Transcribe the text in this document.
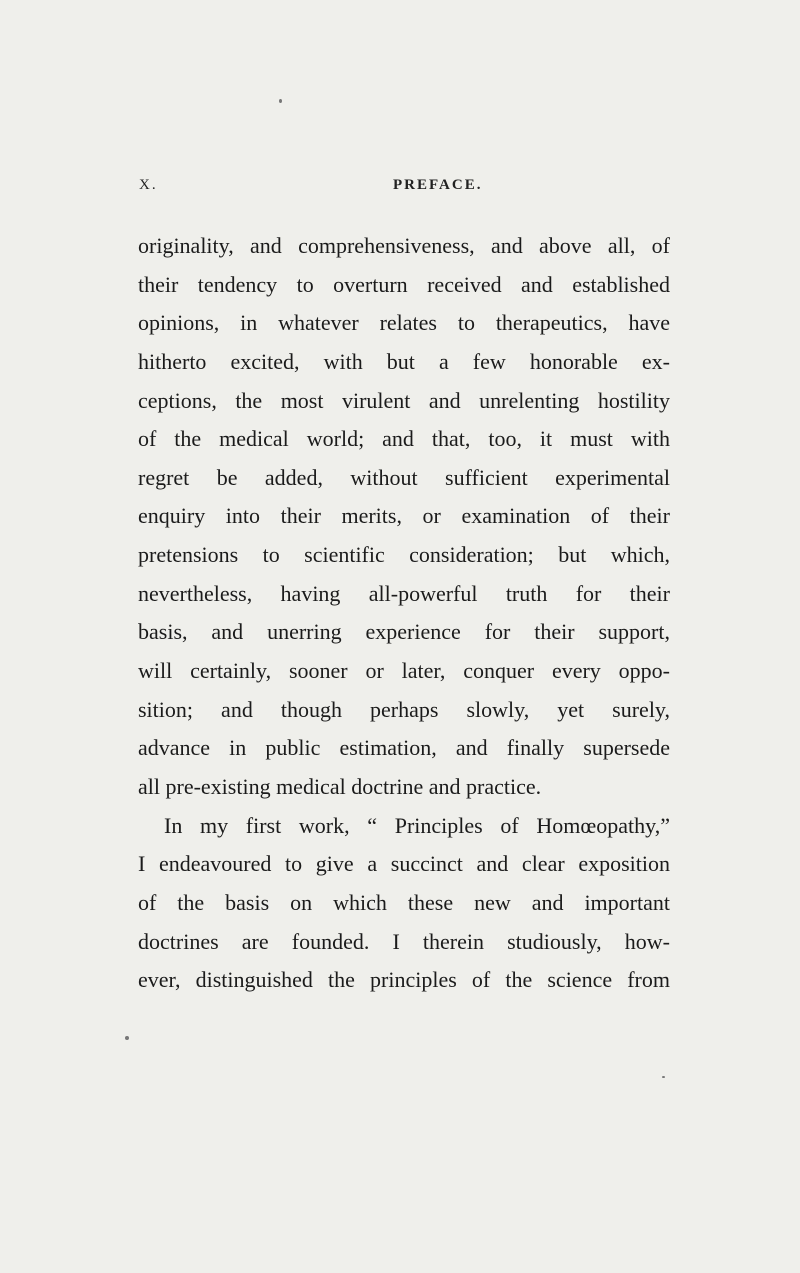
X.	PREFACE.
originality, and comprehensiveness, and above all, of
their tendency to overturn received and established
opinions, in whatever relates to therapeutics, have
hitherto excited, with but a few honorable ex-
ceptions, the most virulent and unrelenting hostility
of the medical world; and that, too, it must with
regret be added, without sufficient experimental
enquiry into their merits, or examination of their
pretensions to scientific consideration; but which,
nevertheless, having all-powerful truth for their
basis, and unerring experience for their support,
will certainly, sooner or later, conquer every oppo-
sition; and though perhaps slowly, yet surely,
advance in public estimation, and finally supersede
all pre-existing medical doctrine and practice.
In my first work, “ Principles of Homœopathy,”
I endeavoured to give a succinct and clear exposition
of the basis on which these new and important
doctrines are founded. I therein studiously, how-
ever, distinguished the principles of the science from
